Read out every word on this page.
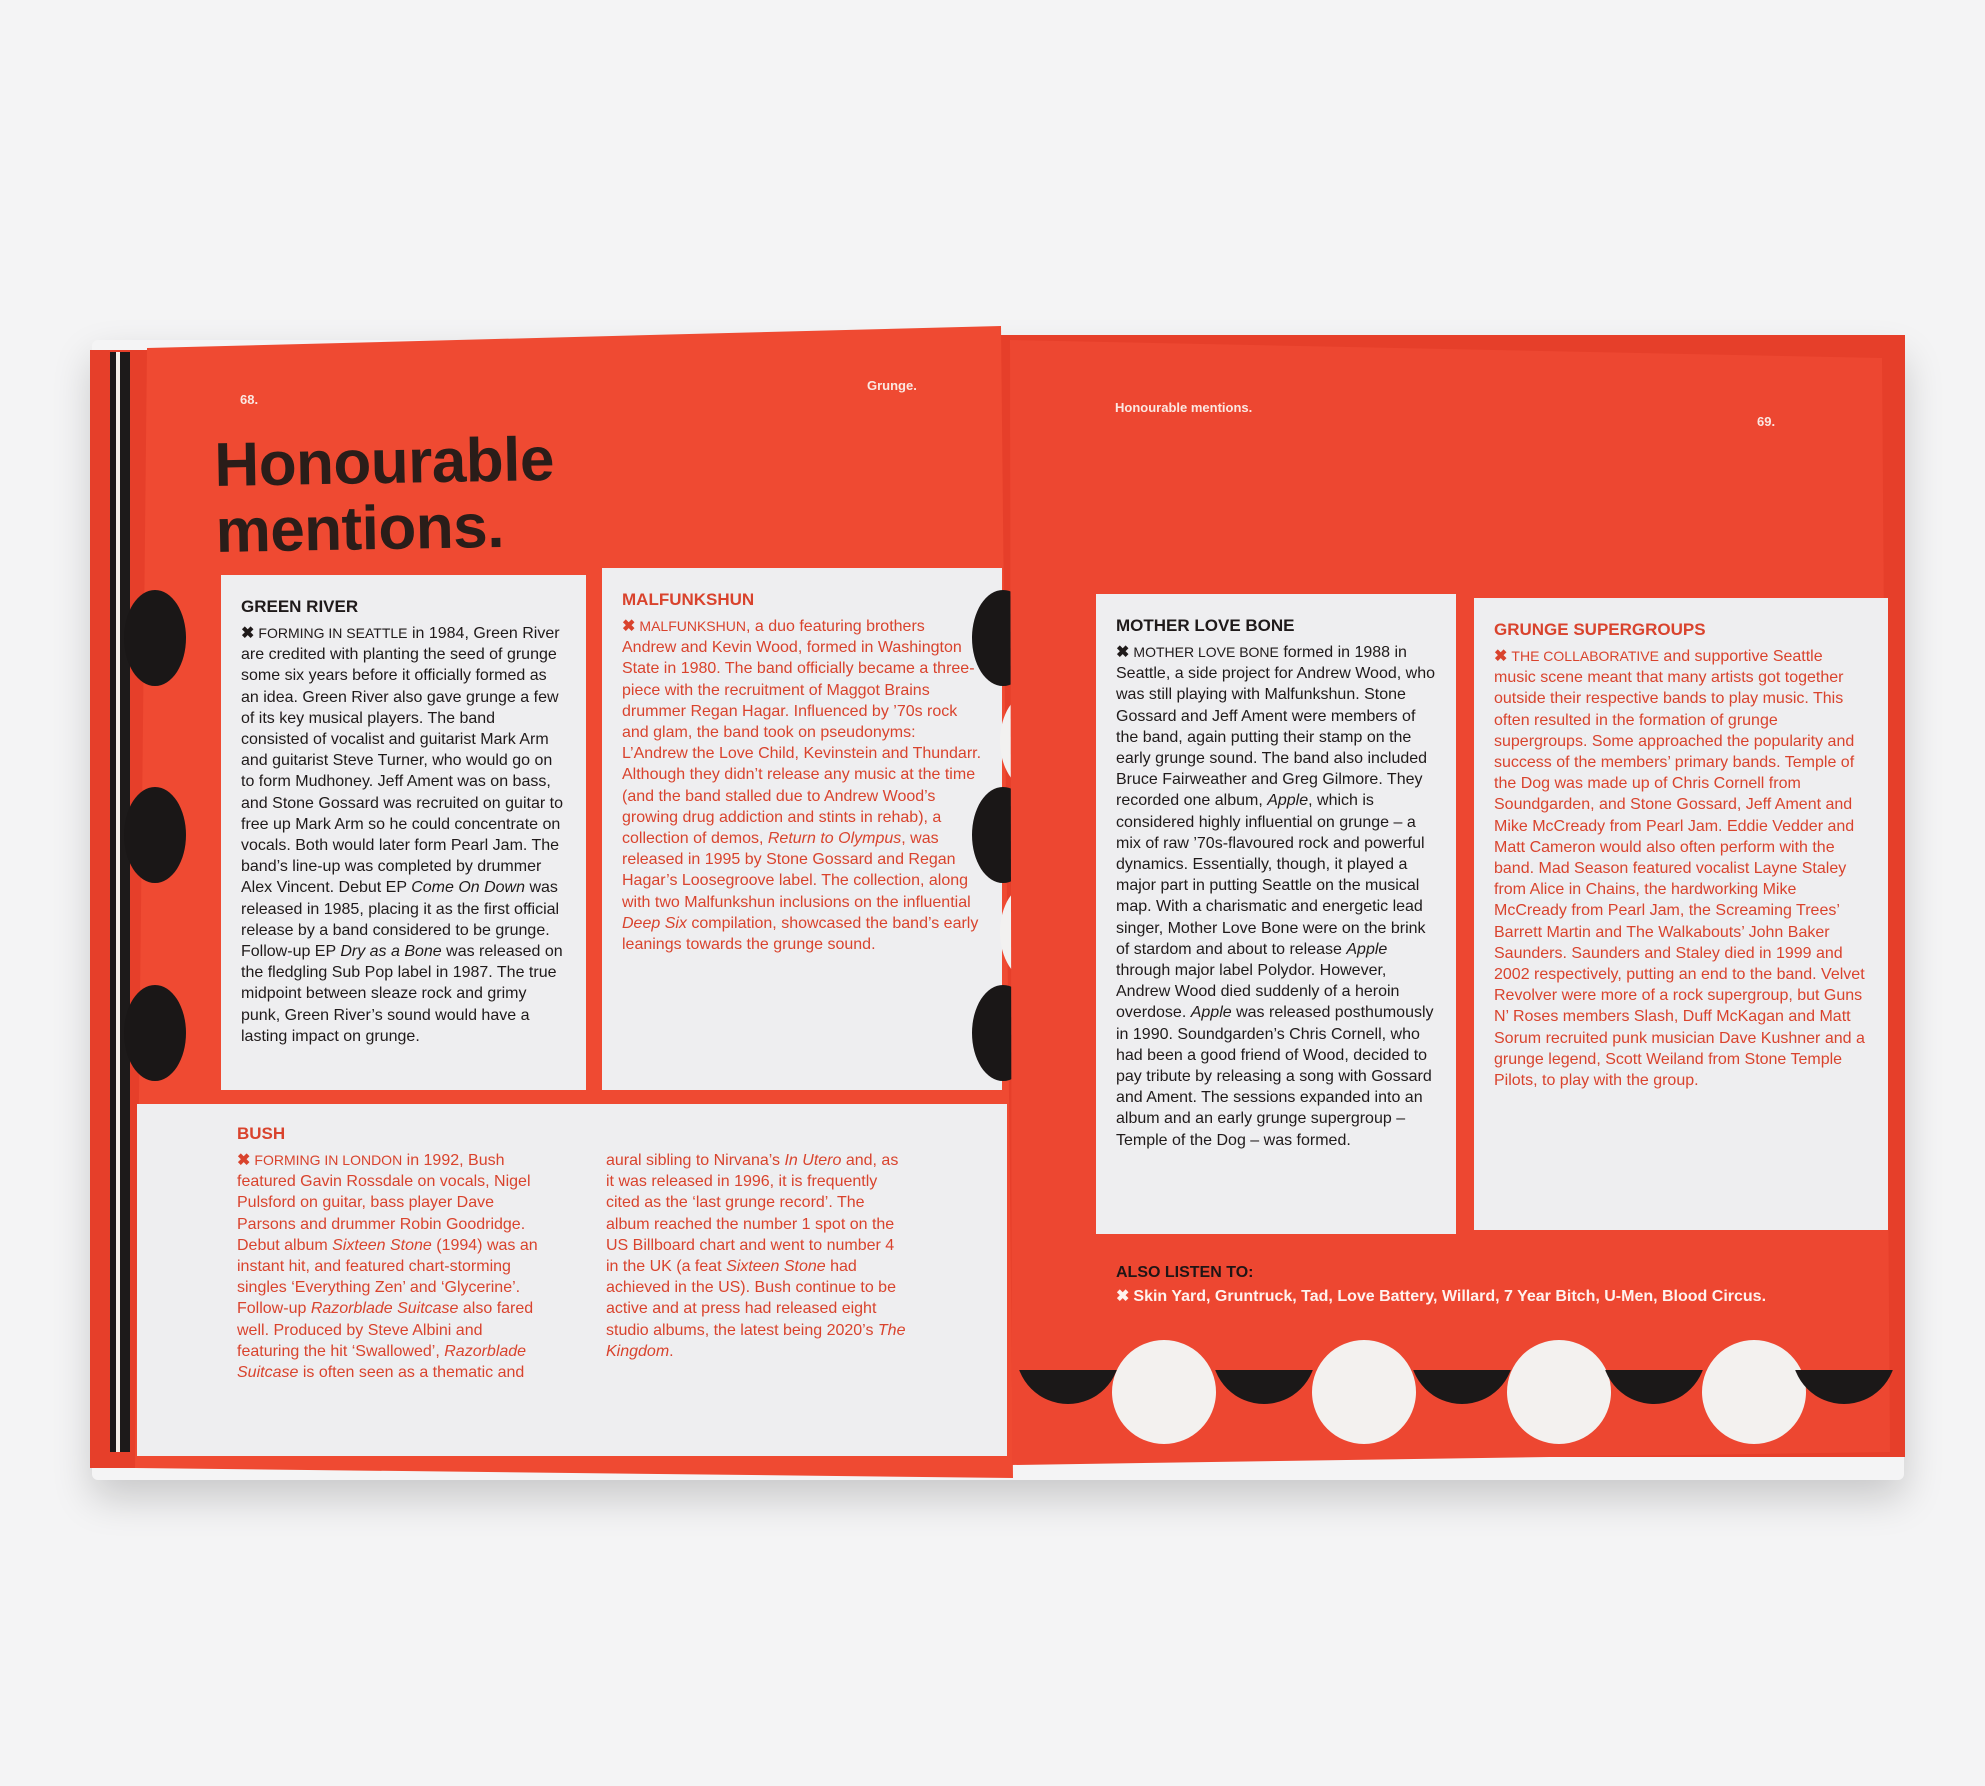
68.
Grunge.
Honourable
mentions.
GREEN RIVER

✖ FORMING IN SEATTLE in 1984, Green River are credited with planting the seed of grunge some six years before it officially formed as an idea. Green River also gave grunge a few of its key musical players. The band consisted of vocalist and guitarist Mark Arm and guitarist Steve Turner, who would go on to form Mudhoney. Jeff Ament was on bass, and Stone Gossard was recruited on guitar to free up Mark Arm so he could concentrate on vocals. Both would later form Pearl Jam. The band’s line-up was completed by drummer Alex Vincent. Debut EP Come On Down was released in 1985, placing it as the first official release by a band considered to be grunge. Follow-up EP Dry as a Bone was released on the fledgling Sub Pop label in 1987. The true midpoint between sleaze rock and grimy punk, Green River’s sound would have a lasting impact on grunge.

MALFUNKSHUN

✖ MALFUNKSHUN, a duo featuring brothers Andrew and Kevin Wood, formed in Washington State in 1980. The band officially became a three-piece with the recruitment of Maggot Brains drummer Regan Hagar. Influenced by ’70s rock and glam, the band took on pseudonyms: L’Andrew the Love Child, Kevinstein and Thundarr. Although they didn’t release any music at the time (and the band stalled due to Andrew Wood’s growing drug addiction and stints in rehab), a collection of demos, Return to Olympus, was released in 1995 by Stone Gossard and Regan Hagar’s Loosegroove label. The collection, along with two Malfunkshun inclusions on the influential Deep Six compilation, showcased the band’s early leanings towards the grunge sound.

BUSH

✖ FORMING IN LONDON in 1992, Bush featured Gavin Rossdale on vocals, Nigel Pulsford on guitar, bass player Dave Parsons and drummer Robin Goodridge. Debut album Sixteen Stone (1994) was an instant hit, and featured chart-storming singles ‘Everything Zen’ and ‘Glycerine’. Follow-up Razorblade Suitcase also fared well. Produced by Steve Albini and featuring the hit ‘Swallowed’, Razorblade Suitcase is often seen as a thematic and aural sibling to Nirvana’s In Utero and, as it was released in 1996, it is frequently cited as the ‘last grunge record’. The album reached the number 1 spot on the US Billboard chart and went to number 4 in the UK (a feat Sixteen Stone had achieved in the US). Bush continue to be active and at press had released eight studio albums, the latest being 2020’s The Kingdom.

Honourable mentions.
69.
MOTHER LOVE BONE

✖ MOTHER LOVE BONE formed in 1988 in Seattle, a side project for Andrew Wood, who was still playing with Malfunkshun. Stone Gossard and Jeff Ament were members of the band, again putting their stamp on the early grunge sound. The band also included Bruce Fairweather and Greg Gilmore. They recorded one album, Apple, which is considered highly influential on grunge – a mix of raw ’70s-flavoured rock and powerful dynamics. Essentially, though, it played a major part in putting Seattle on the musical map. With a charismatic and energetic lead singer, Mother Love Bone were on the brink of stardom and about to release Apple through major label Polydor. However, Andrew Wood died suddenly of a heroin overdose. Apple was released posthumously in 1990. Soundgarden’s Chris Cornell, who had been a good friend of Wood, decided to pay tribute by releasing a song with Gossard and Ament. The sessions expanded into an album and an early grunge supergroup – Temple of the Dog – was formed.

GRUNGE SUPERGROUPS

✖ THE COLLABORATIVE and supportive Seattle music scene meant that many artists got together outside their respective bands to play music. This often resulted in the formation of grunge supergroups. Some approached the popularity and success of the members’ primary bands. Temple of the Dog was made up of Chris Cornell from Soundgarden, and Stone Gossard, Jeff Ament and Mike McCready from Pearl Jam. Eddie Vedder and Matt Cameron would also often perform with the band. Mad Season featured vocalist Layne Staley from Alice in Chains, the hardworking Mike McCready from Pearl Jam, the Screaming Trees’ Barrett Martin and The Walkabouts’ John Baker Saunders. Saunders and Staley died in 1999 and 2002 respectively, putting an end to the band. Velvet Revolver were more of a rock supergroup, but Guns N’ Roses members Slash, Duff McKagan and Matt Sorum recruited punk musician Dave Kushner and a grunge legend, Scott Weiland from Stone Temple Pilots, to play with the group.

ALSO LISTEN TO:

✖ Skin Yard, Gruntruck, Tad, Love Battery, Willard, 7 Year Bitch, U-Men, Blood Circus.
